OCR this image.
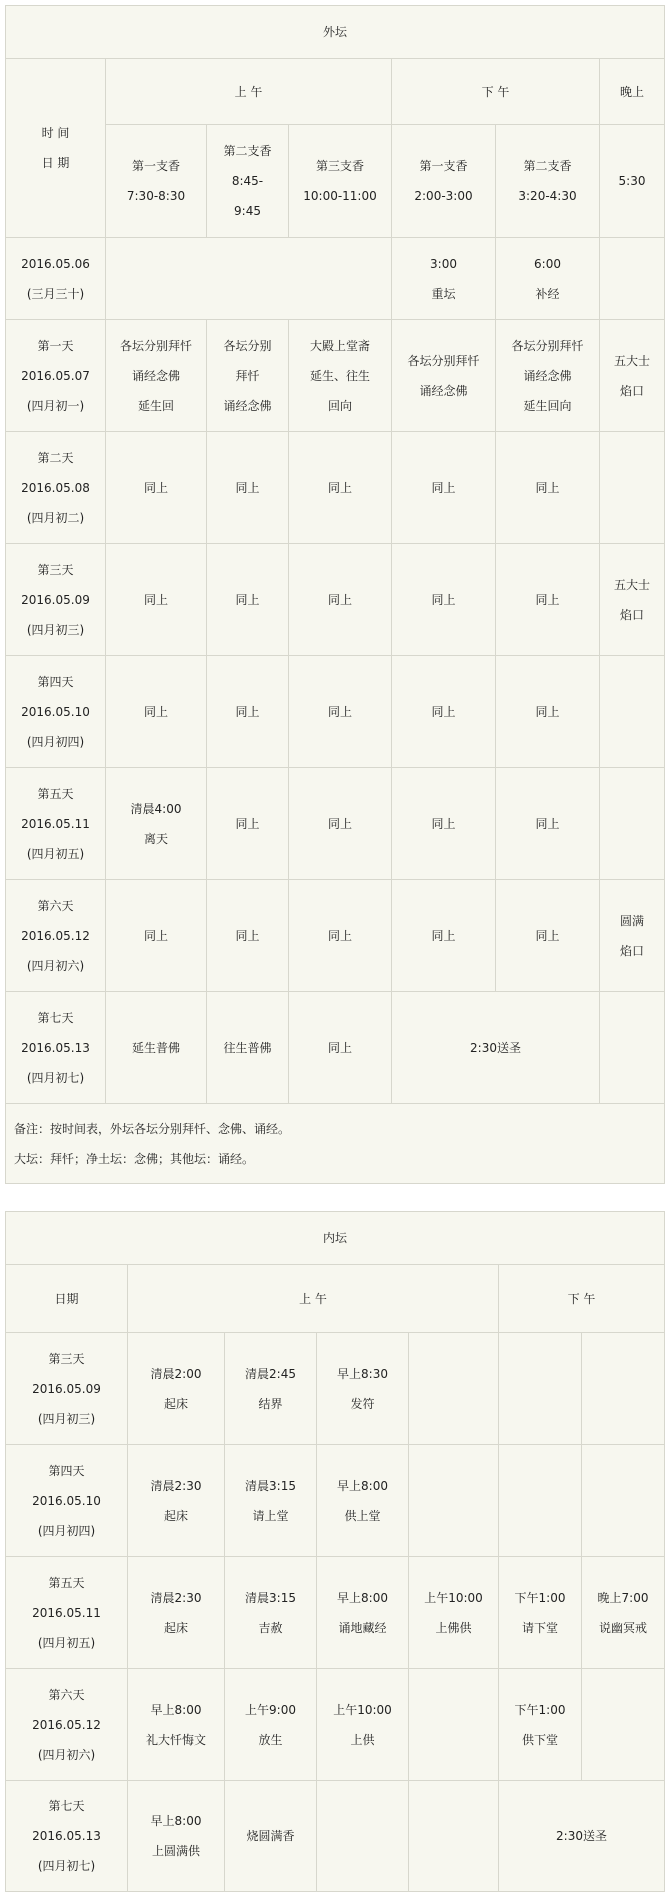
外坛						

时 间
日 期	上 午			下 午		晚上

	第一支香
7:30-8:30	第二支香
8:45-
9:45	第三支香
10:00-11:00	第一支香
2:00-3:00	第二支香
3:20-4:30	5:30

2016.05.06
(三月三十)				3:00
重坛	6:00
补经	

第一天
2016.05.07
(四月初一)	各坛分别拜忏
诵经念佛
延生回	各坛分别
拜忏
诵经念佛	大殿上堂斋
延生、往生
回向	各坛分别拜忏
诵经念佛	各坛分别拜忏
诵经念佛
延生回向	五大士
焰口

第二天
2016.05.08
(四月初二)	同上	同上	同上	同上	同上	

第三天
2016.05.09
(四月初三)	同上	同上	同上	同上	同上	五大士
焰口

第四天
2016.05.10
(四月初四)	同上	同上	同上	同上	同上	

第五天
2016.05.11
(四月初五)	清晨4:00
离天	同上	同上	同上	同上	

第六天
2016.05.12
(四月初六)	同上	同上	同上	同上	同上	圆满
焰口

第七天
2016.05.13
(四月初七)	延生普佛	往生普佛	同上	2:30送圣		

备注：按时间表，外坛各坛分别拜忏、念佛、诵经。
大坛：拜忏；净土坛：念佛；其他坛：诵经。						
内坛						
日期	上 午				下 午	

第三天
2016.05.09
(四月初三)	清晨2:00
起床	清晨2:45
结界	早上8:30
发符			

第四天
2016.05.10
(四月初四)	清晨2:30
起床	清晨3:15
请上堂	早上8:00
供上堂			

第五天
2016.05.11
(四月初五)	清晨2:30
起床	清晨3:15
吉赦	早上8:00
诵地藏经	上午10:00
上佛供	下午1:00
请下堂	晚上7:00
说幽冥戒

第六天
2016.05.12
(四月初六)	早上8:00
礼大忏悔文	上午9:00
放生	上午10:00
上供		下午1:00
供下堂	

第七天
2016.05.13
(四月初七)	早上8:00
上圆满供	烧圆满香			2:30送圣	
